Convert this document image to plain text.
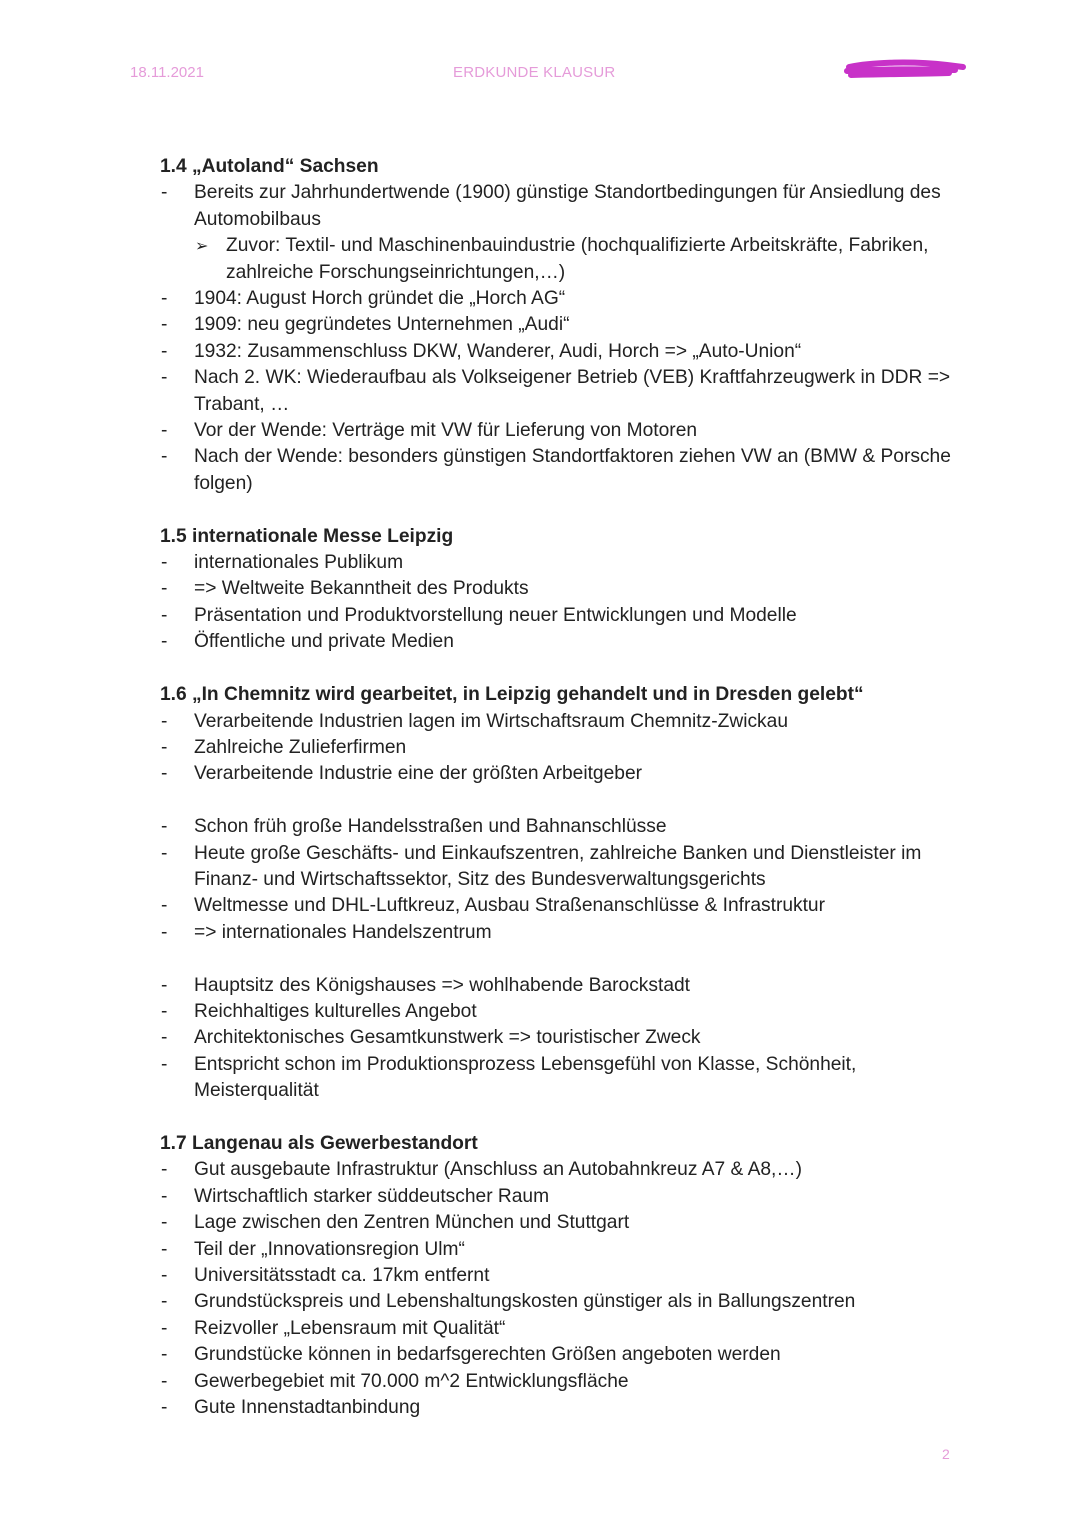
18.11.2021	ERDKUNDE KLAUSUR

1.4 „Autoland“ Sachsen

- Bereits zur Jahrhundertwende (1900) günstige Standortbedingungen für Ansiedlung des Automobilbaus
➢ Zuvor: Textil- und Maschinenbauindustrie (hochqualifizierte Arbeitskräfte, Fabriken, zahlreiche Forschungseinrichtungen,…)
- 1904: August Horch gründet die „Horch AG“
- 1909: neu gegründetes Unternehmen „Audi“
- 1932: Zusammenschluss DKW, Wanderer, Audi, Horch => „Auto-Union“
- Nach 2. WK: Wiederaufbau als Volkseigener Betrieb (VEB) Kraftfahrzeugwerk in DDR => Trabant, …
- Vor der Wende: Verträge mit VW für Lieferung von Motoren
- Nach der Wende: besonders günstigen Standortfaktoren ziehen VW an (BMW & Porsche folgen)

1.5 internationale Messe Leipzig

- internationales Publikum
- => Weltweite Bekanntheit des Produkts
- Präsentation und Produktvorstellung neuer Entwicklungen und Modelle
- Öffentliche und private Medien

1.6 „In Chemnitz wird gearbeitet, in Leipzig gehandelt und in Dresden gelebt“

- Verarbeitende Industrien lagen im Wirtschaftsraum Chemnitz-Zwickau
- Zahlreiche Zulieferfirmen
- Verarbeitende Industrie eine der größten Arbeitgeber
- Schon früh große Handelsstraßen und Bahnanschlüsse
- Heute große Geschäfts- und Einkaufszentren, zahlreiche Banken und Dienstleister im Finanz- und Wirtschaftssektor, Sitz des Bundesverwaltungsgerichts
- Weltmesse und DHL-Luftkreuz, Ausbau Straßenanschlüsse & Infrastruktur
- => internationales Handelszentrum
- Hauptsitz des Königshauses => wohlhabende Barockstadt
- Reichhaltiges kulturelles Angebot
- Architektonisches Gesamtkunstwerk => touristischer Zweck
- Entspricht schon im Produktionsprozess Lebensgefühl von Klasse, Schönheit, Meisterqualität

1.7 Langenau als Gewerbestandort

- Gut ausgebaute Infrastruktur (Anschluss an Autobahnkreuz A7 & A8,…)
- Wirtschaftlich starker süddeutscher Raum
- Lage zwischen den Zentren München und Stuttgart
- Teil der „Innovationsregion Ulm“
- Universitätsstadt ca. 17km entfernt
- Grundstückspreis und Lebenshaltungskosten günstiger als in Ballungszentren
- Reizvoller „Lebensraum mit Qualität“
- Grundstücke können in bedarfsgerechten Größen angeboten werden
- Gewerbegebiet mit 70.000 m^2 Entwicklungsfläche
- Gute Innenstadtanbindung
2
